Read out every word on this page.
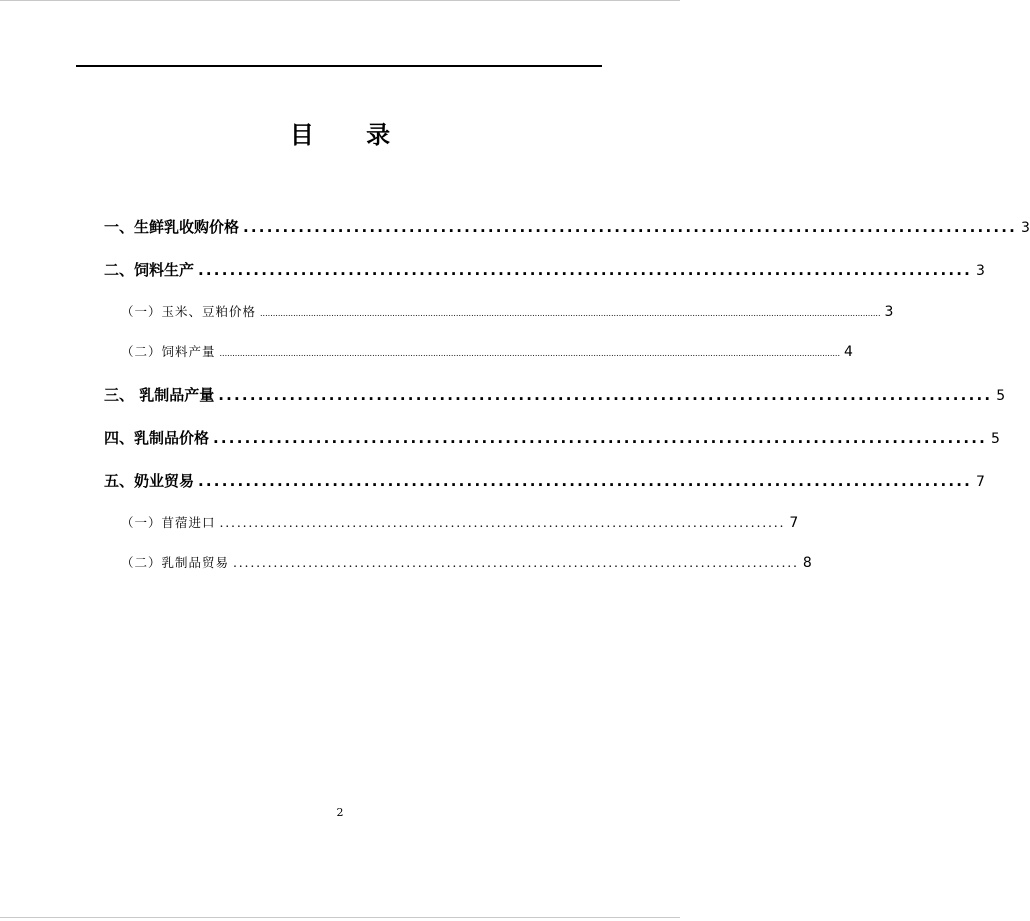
目 录
一、生鲜乳收购价格 .................................................................................................. 3
二、饲料生产 .................................................................................................. 3
（一）玉米、豆粕价格 .................................................................................................................................................................................................................................................... 3
（二）饲料产量 .................................................................................................................................................................................................................................................... 4
三、 乳制品产量 .................................................................................................. 5
四、乳制品价格 .................................................................................................. 5
五、奶业贸易 .................................................................................................. 7
（一）苜蓿进口 .................................................................................................. 7
（二）乳制品贸易 .................................................................................................. 8
2
